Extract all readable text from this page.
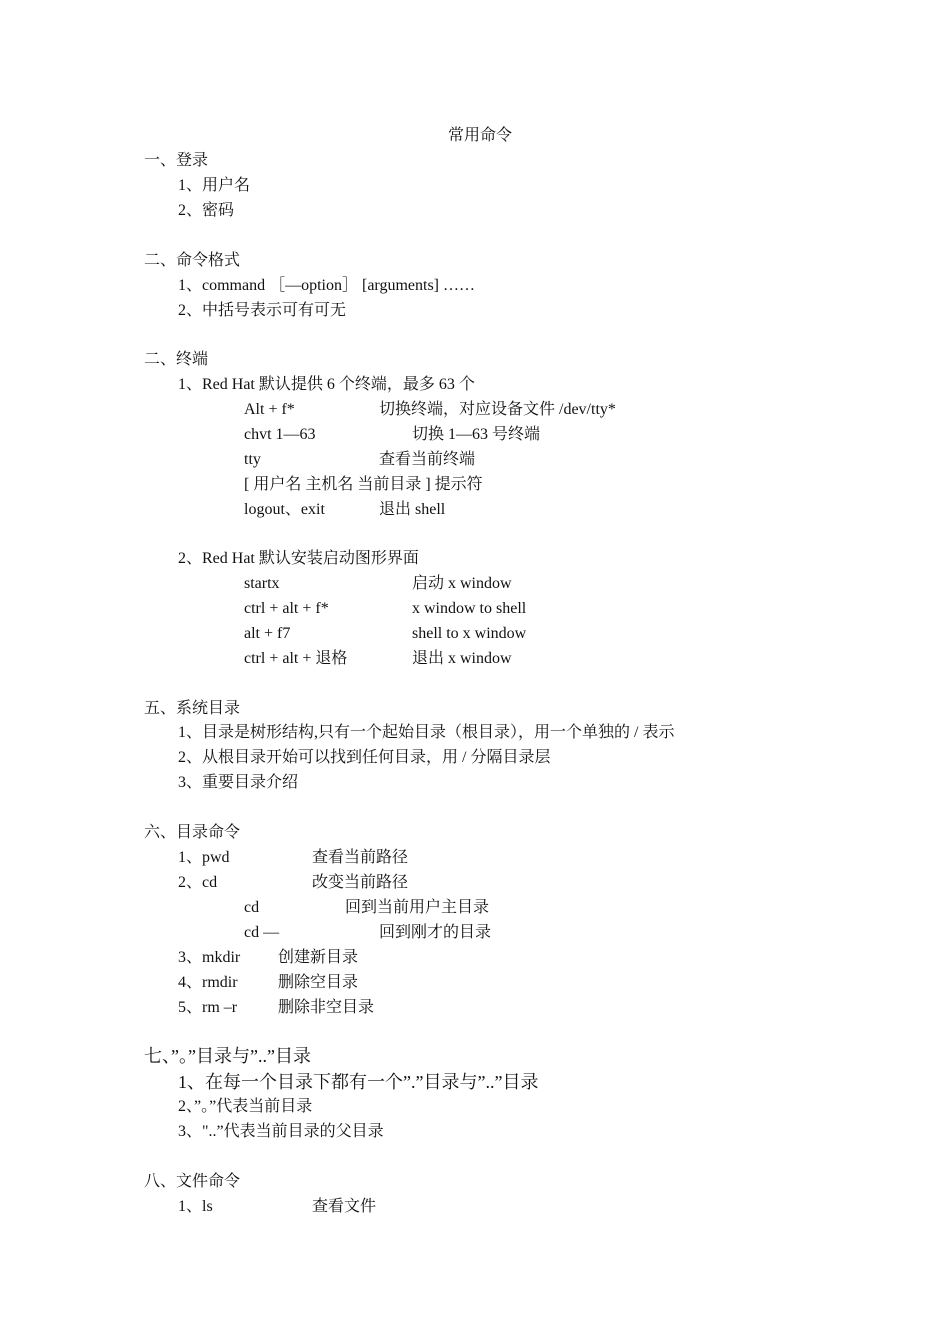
常用命令
一、登录
1、用户名
2、密码
二、命令格式
1、command ［—option］ [arguments] ……
2、中括号表示可有可无
二、终端
1、Red Hat 默认提供 6 个终端，最多 63 个
Alt + f*	切换终端，对应设备文件 /dev/tty*
chvt 1—63	切换 1—63 号终端
tty	查看当前终端
[ 用户名 主机名 当前目录 ] 提示符
logout、exit	退出 shell
2、Red Hat 默认安装启动图形界面
startx	启动 x window
ctrl + alt + f*	x window to shell
alt + f7	shell to x window
ctrl + alt + 退格	退出 x window
五、系统目录
1、目录是树形结构,只有一个起始目录（根目录），用一个单独的 / 表示
2、从根目录开始可以找到任何目录，用 / 分隔目录层
3、重要目录介绍
六、目录命令
1、pwd	查看当前路径
2、cd	改变当前路径
cd	回到当前用户主目录
cd —	回到刚才的目录
3、mkdir 创建新目录
4、rmdir	删除空目录
5、rm –r	删除非空目录
七、”。”目录与”..”目录
1、在每一个目录下都有一个”.”目录与”..”目录
2、”。”代表当前目录
3、"..”代表当前目录的父目录
八、文件命令
1、ls	查看文件
